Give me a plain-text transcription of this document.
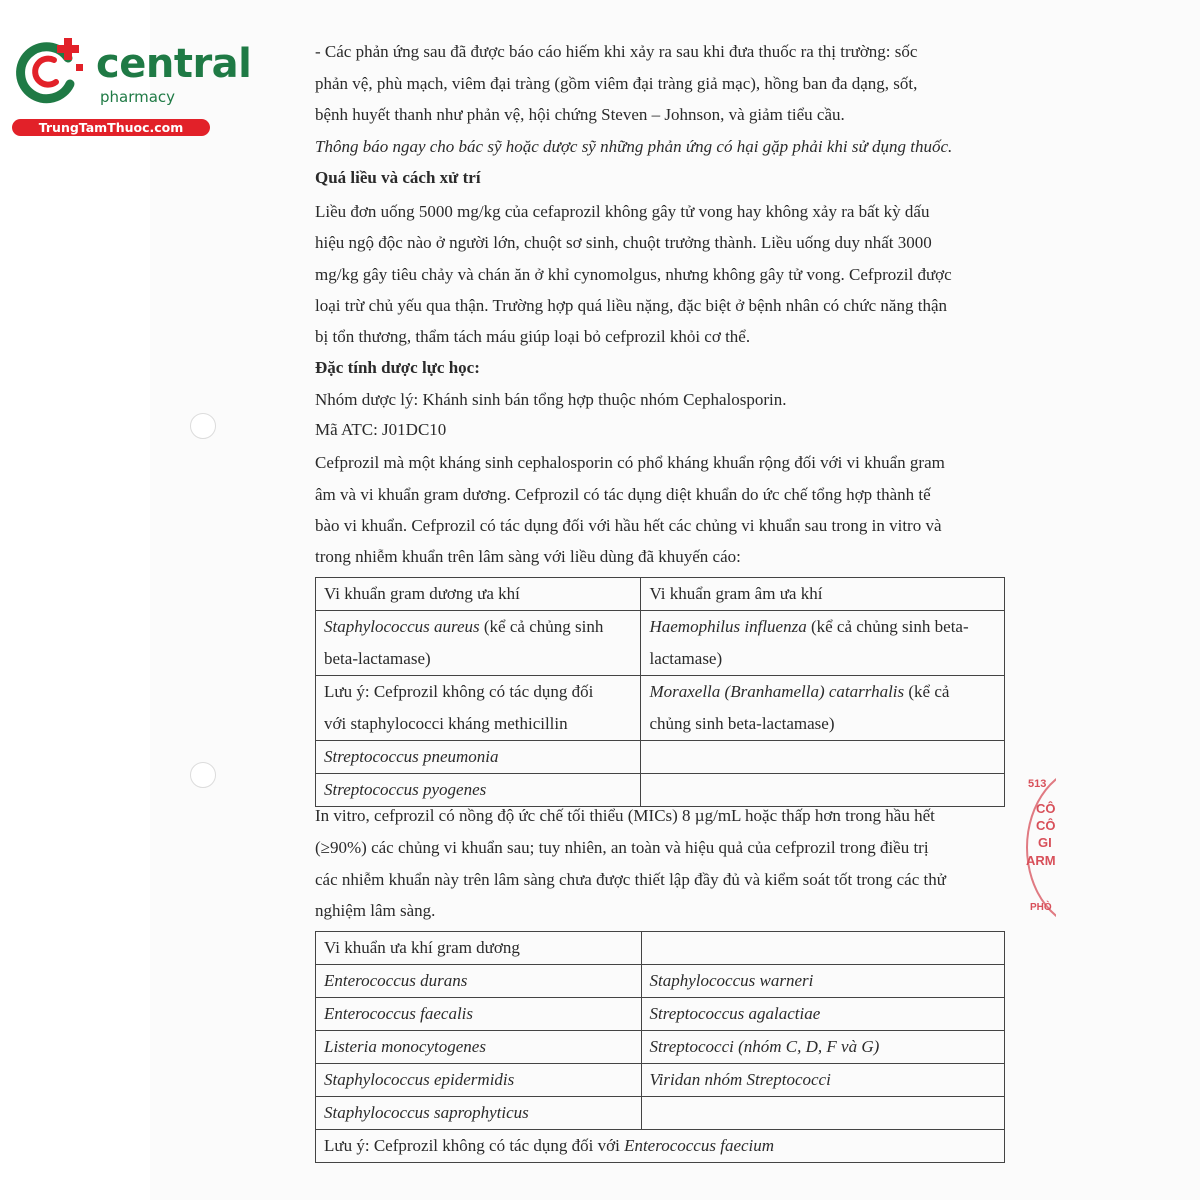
central

pharmacy
TrungTamThuoc.com
513
CÔ
CÔ
GI
ARM
PHÒ
- Các phản ứng sau đã được báo cáo hiếm khi xảy ra sau khi đưa thuốc ra thị trường: sốc
phản vệ, phù mạch, viêm đại tràng (gồm viêm đại tràng giả mạc), hồng ban đa dạng, sốt,
bệnh huyết thanh như phản vệ, hội chứng Steven – Johnson, và giảm tiểu cầu.
Thông báo ngay cho bác sỹ hoặc dược sỹ những phản ứng có hại gặp phải khi sử dụng thuốc.
Quá liều và cách xử trí
Liều đơn uống 5000 mg/kg của cefaprozil không gây tử vong hay không xảy ra bất kỳ dấu
hiệu ngộ độc nào ở người lớn, chuột sơ sinh, chuột trưởng thành. Liều uống duy nhất 3000
mg/kg gây tiêu chảy và chán ăn ở khỉ cynomolgus, nhưng không gây tử vong. Cefprozil được
loại trừ chủ yếu qua thận. Trường hợp quá liều nặng, đặc biệt ở bệnh nhân có chức năng thận
bị tổn thương, thẩm tách máu giúp loại bỏ cefprozil khỏi cơ thể.
Đặc tính dược lực học:
Nhóm dược lý: Khánh sinh bán tổng hợp thuộc nhóm Cephalosporin.
Mã ATC: J01DC10
Cefprozil mà một kháng sinh cephalosporin có phổ kháng khuẩn rộng đối với vi khuẩn gram
âm và vi khuẩn gram dương. Cefprozil có tác dụng diệt khuẩn do ức chế tổng hợp thành tế
bào vi khuẩn. Cefprozil có tác dụng đối với hầu hết các chủng vi khuẩn sau trong in vitro và
trong nhiễm khuẩn trên lâm sàng với liều dùng đã khuyến cáo:
In vitro, cefprozil có nồng độ ức chế tối thiểu (MICs) 8 µg/mL hoặc thấp hơn trong hầu hết
(≥90%) các chủng vi khuẩn sau; tuy nhiên, an toàn và hiệu quả của cefprozil trong điều trị
các nhiễm khuẩn này trên lâm sàng chưa được thiết lập đầy đủ và kiểm soát tốt trong các thử
nghiệm lâm sàng.
Vi khuẩn gram dương ưa khí	Vi khuẩn gram âm ưa khí

Staphylococcus aureus (kể cả chủng sinh
beta-lactamase)	Haemophilus influenza (kể cả chủng sinh beta-
lactamase)

Lưu ý: Cefprozil không có tác dụng đối
với staphylococci kháng methicillin	Moraxella (Branhamella) catarrhalis (kể cả
chủng sinh beta-lactamase)

Streptococcus pneumonia	

Streptococcus pyogenes	

Vi khuẩn ưa khí gram dương	

Enterococcus durans	Staphylococcus warneri

Enterococcus faecalis	Streptococcus agalactiae

Listeria monocytogenes	Streptococci (nhóm C, D, F và G)

Staphylococcus epidermidis	Viridan nhóm Streptococci

Staphylococcus saprophyticus	

Lưu ý: Cefprozil không có tác dụng đối với Enterococcus faecium	
